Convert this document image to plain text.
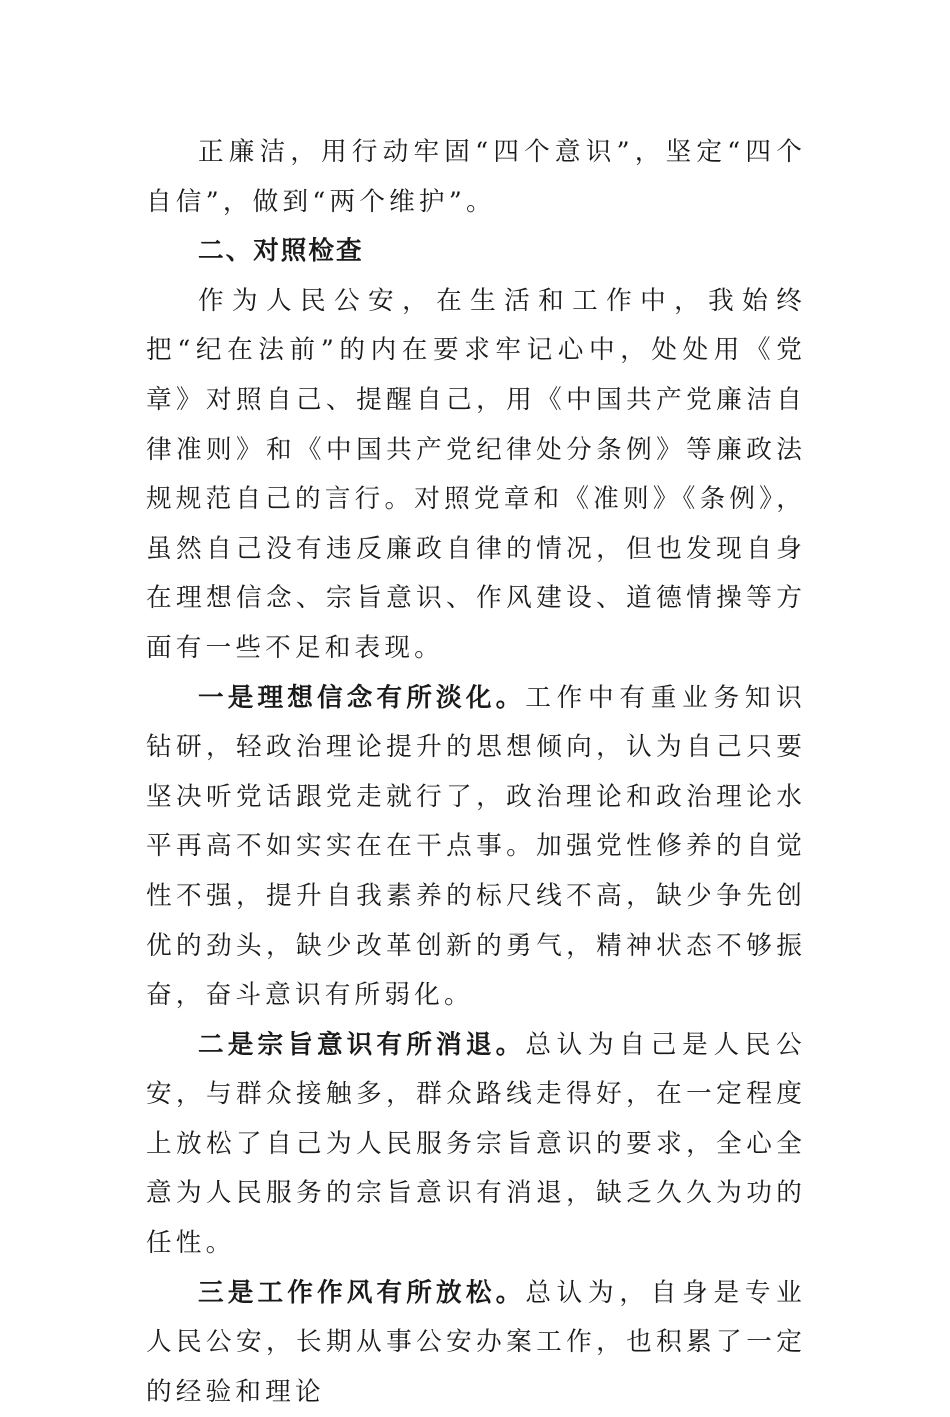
正廉洁，用行动牢固“四个意识”，坚定“四个自信”，做到“两个维护”。

二、对照检查

作为人民公安，在生活和工作中，我始终把“纪在法前”的内在要求牢记心中，处处用《党章》对照自己、提醒自己，用《中国共产党廉洁自律准则》和《中国共产党纪律处分条例》等廉政法规规范自己的言行。对照党章和《准则》《条例》，虽然自己没有违反廉政自律的情况，但也发现自身在理想信念、宗旨意识、作风建设、道德情操等方面有一些不足和表现。

一是理想信念有所淡化。工作中有重业务知识钻研，轻政治理论提升的思想倾向，认为自己只要坚决听党话跟党走就行了，政治理论和政治理论水平再高不如实实在在干点事。加强党性修养的自觉性不强，提升自我素养的标尺线不高，缺少争先创优的劲头，缺少改革创新的勇气，精神状态不够振奋，奋斗意识有所弱化。

二是宗旨意识有所消退。总认为自己是人民公安，与群众接触多，群众路线走得好，在一定程度上放松了自己为人民服务宗旨意识的要求，全心全意为人民服务的宗旨意识有消退，缺乏久久为功的任性。

三是工作作风有所放松。总认为，自身是专业人民公安，长期从事公安办案工作，也积累了一定的经验和理论
